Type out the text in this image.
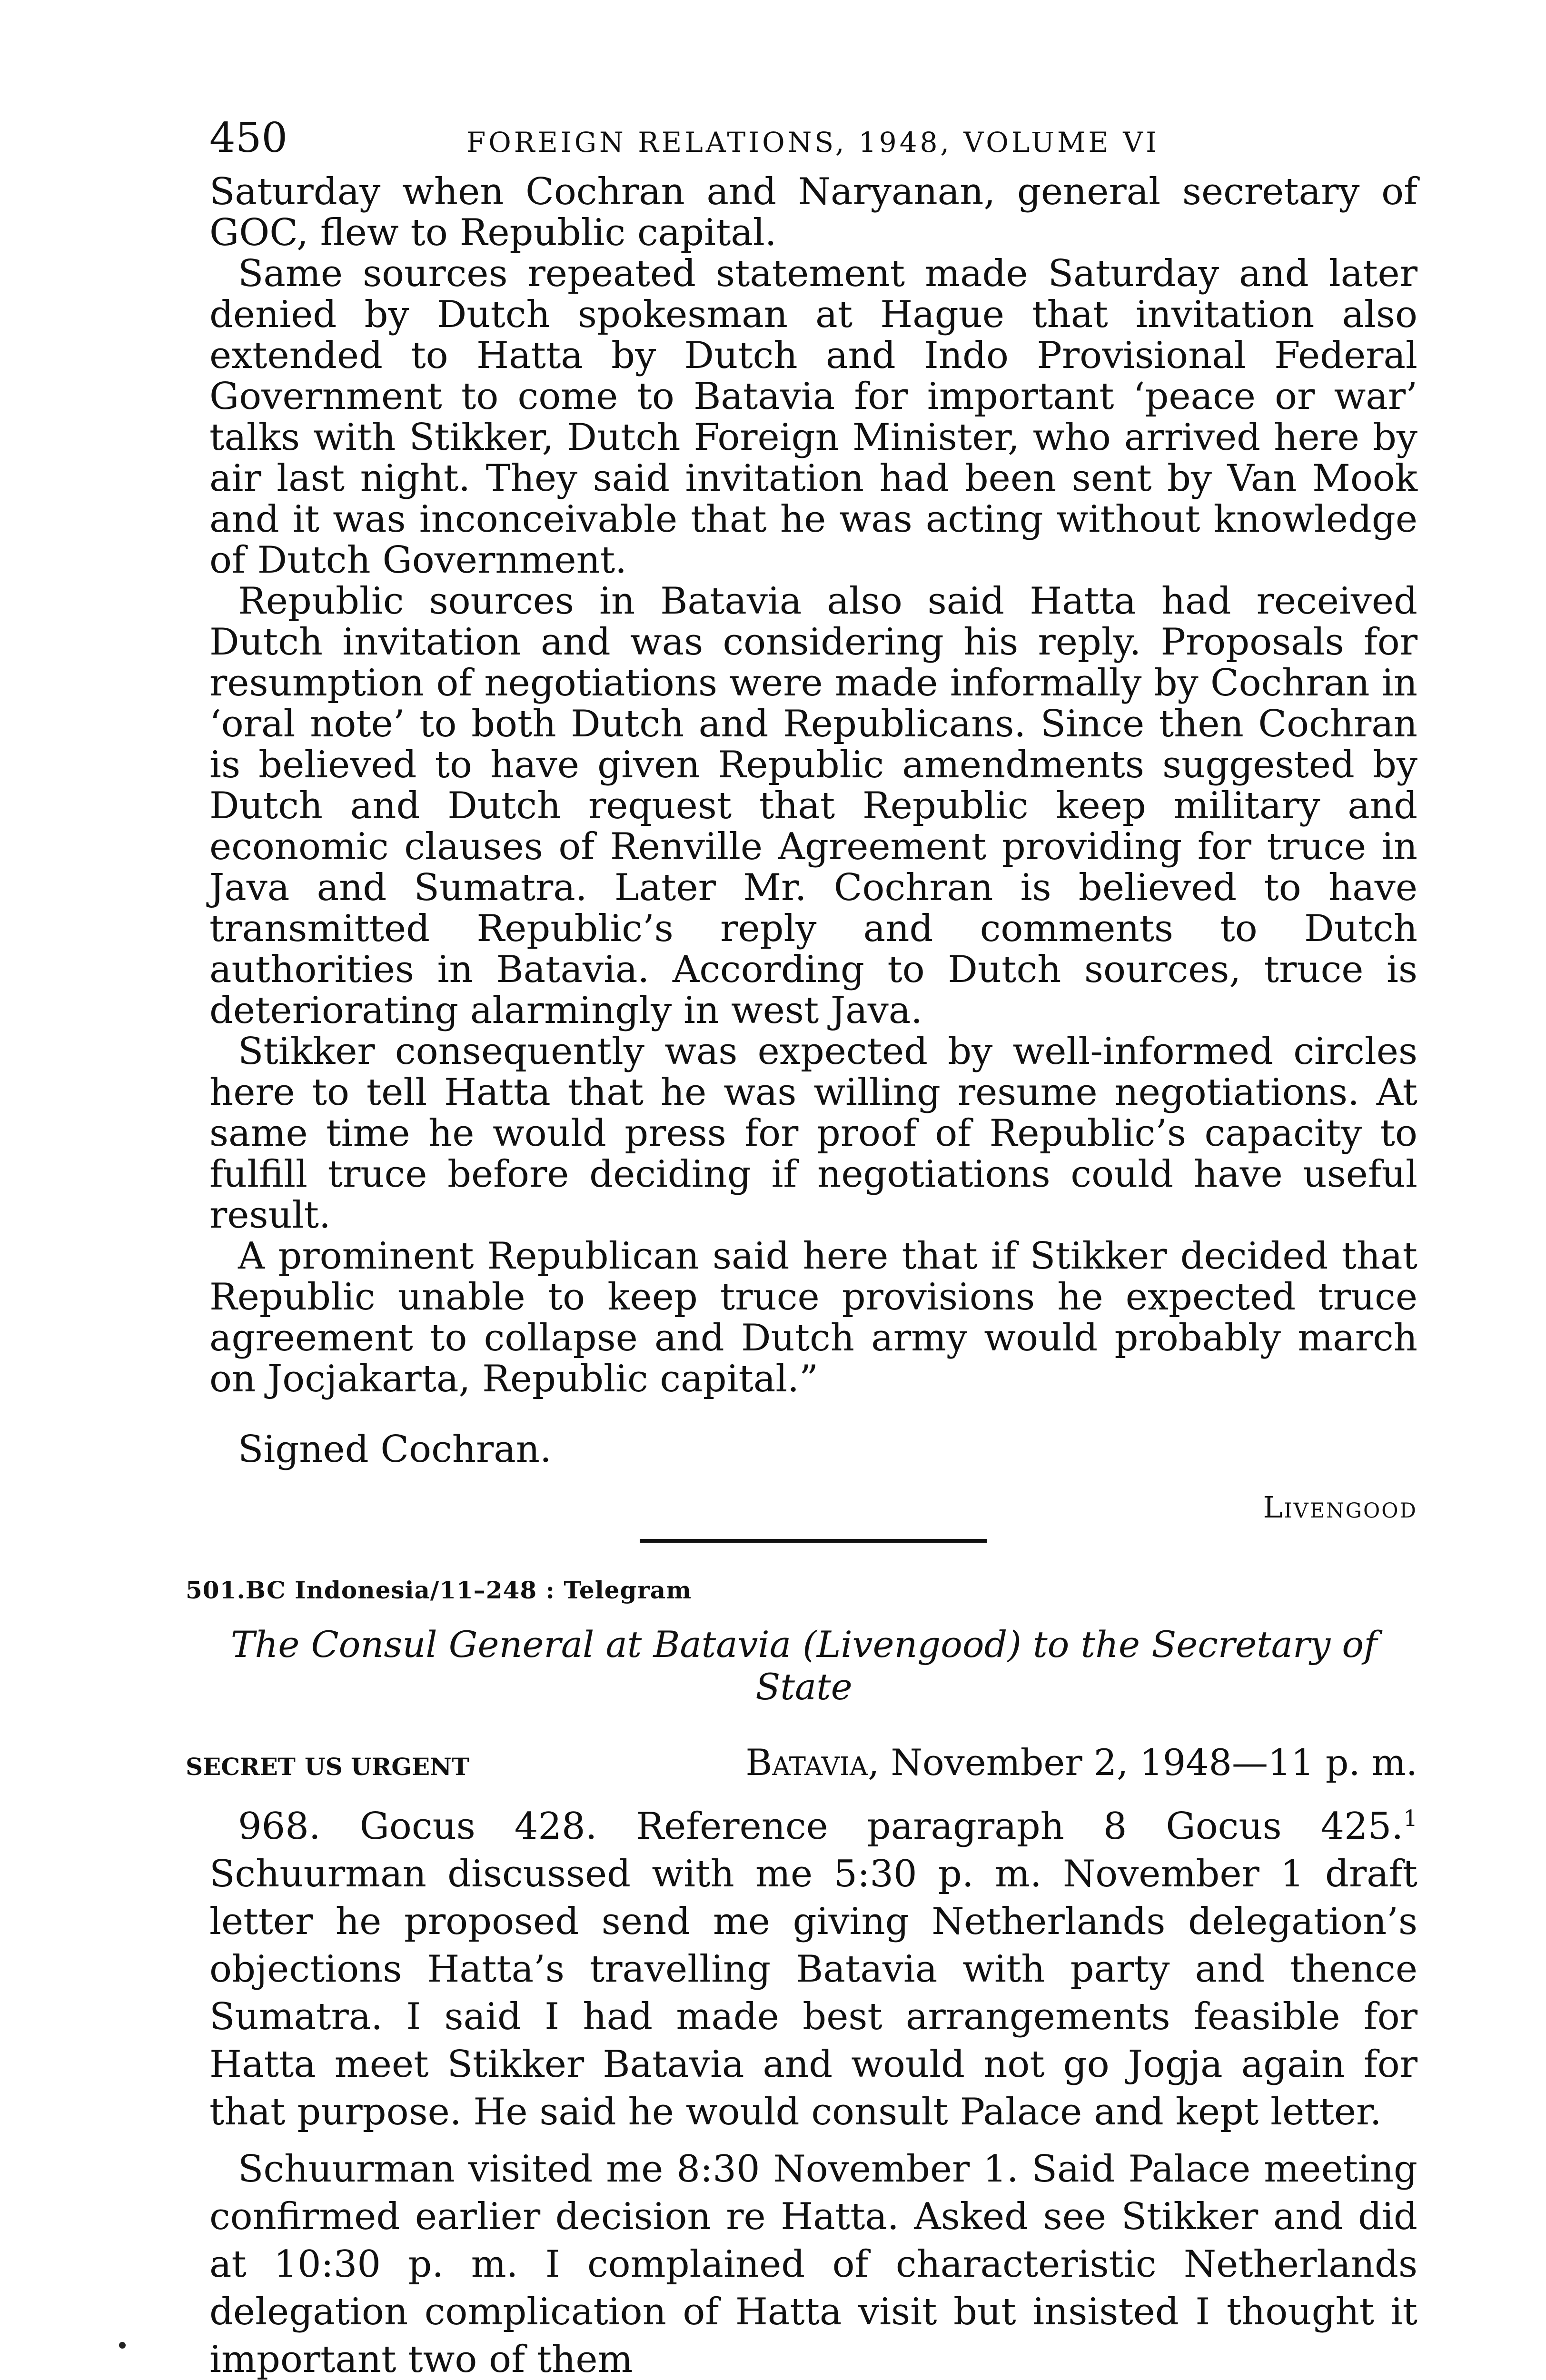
450	FOREIGN RELATIONS, 1948, VOLUME VI

Saturday when Cochran and Naryanan, general secretary of GOC, flew to Republic capital.

Same sources repeated statement made Saturday and later denied by Dutch spokesman at Hague that invitation also extended to Hatta by Dutch and Indo Provisional Federal Government to come to Batavia for important ‘peace or war’ talks with Stikker, Dutch Foreign Minister, who arrived here by air last night. They said invitation had been sent by Van Mook and it was inconceivable that he was acting without knowledge of Dutch Government.

Republic sources in Batavia also said Hatta had received Dutch invitation and was considering his reply. Proposals for resumption of negotiations were made informally by Cochran in ‘oral note’ to both Dutch and Republicans. Since then Cochran is believed to have given Republic amendments suggested by Dutch and Dutch request that Republic keep military and economic clauses of Renville Agreement providing for truce in Java and Sumatra. Later Mr. Cochran is believed to have transmitted Republic’s reply and comments to Dutch authorities in Batavia. According to Dutch sources, truce is deteriorating alarmingly in west Java.

Stikker consequently was expected by well-informed circles here to tell Hatta that he was willing resume negotiations. At same time he would press for proof of Republic’s capacity to fulfill truce before deciding if negotiations could have useful result.

A prominent Republican said here that if Stikker decided that Republic unable to keep truce provisions he expected truce agreement to collapse and Dutch army would probably march on Jocjakarta, Republic capital.”

Signed Cochran.
Livengood
501.BC Indonesia/11–248 : Telegram
The Consul General at Batavia (Livengood) to the Secretary of State
SECRET US URGENT	Batavia, November 2, 1948—11 p. m.

968. Gocus 428. Reference paragraph 8 Gocus 425.$^1$ Schuurman discussed with me 5:30 p. m. November 1 draft letter he proposed send me giving Netherlands delegation’s objections Hatta’s travelling Batavia with party and thence Sumatra. I said I had made best arrangements feasible for Hatta meet Stikker Batavia and would not go Jogja again for that purpose. He said he would consult Palace and kept letter.

Schuurman visited me 8:30 November 1. Said Palace meeting confirmed earlier decision re Hatta. Asked see Stikker and did at 10:30 p. m. I complained of characteristic Netherlands delegation complication of Hatta visit but insisted I thought it important two of them
